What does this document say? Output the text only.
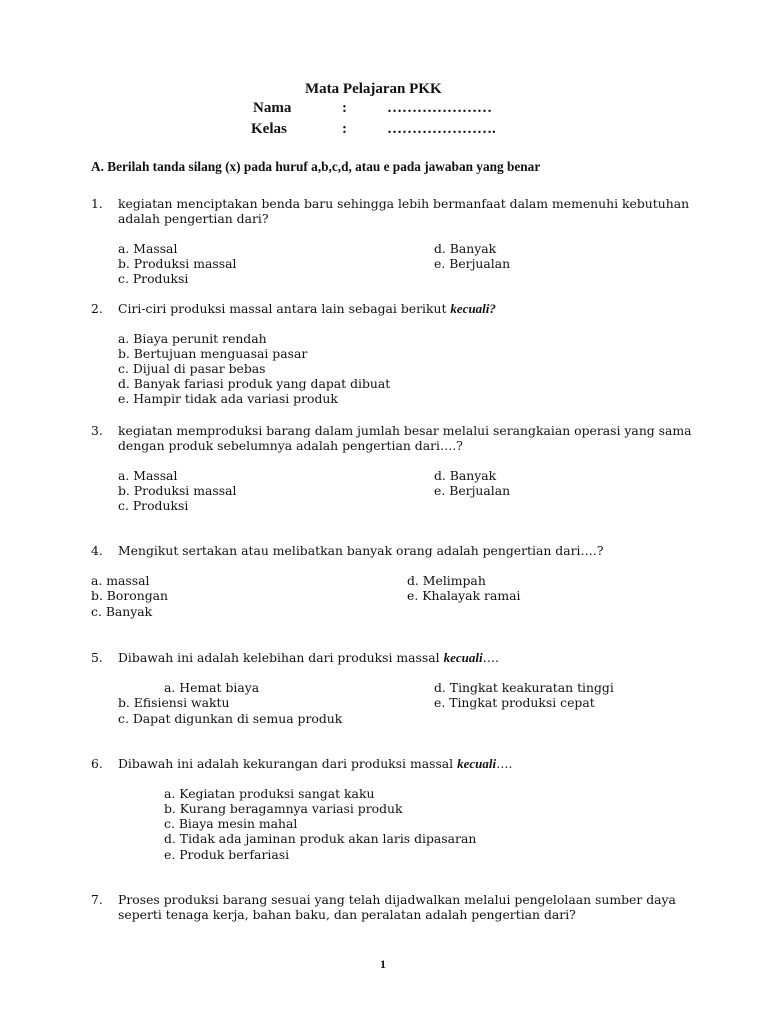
Mata Pelajaran PKK
Nama	:	…………………
Kelas	:	………………….
A. Berilah tanda silang (x) pada huruf a,b,c,d, atau e pada jawaban yang benar
1. kegiatan menciptakan benda baru sehingga lebih bermanfaat dalam memenuhi kebutuhan
adalah pengertian dari?
a. Massal
b. Produksi massal
c. Produksi
d. Banyak
e. Berjualan
2. Ciri-ciri produksi massal antara lain sebagai berikut kecuali?
a. Biaya perunit rendah
b. Bertujuan menguasai pasar
c. Dijual di pasar bebas
d. Banyak fariasi produk yang dapat dibuat
e. Hampir tidak ada variasi produk
3. kegiatan memproduksi barang dalam jumlah besar melalui serangkaian operasi yang sama
dengan produk sebelumnya adalah pengertian dari….?
a. Massal
b. Produksi massal
c. Produksi
d. Banyak
e. Berjualan
4. Mengikut sertakan atau melibatkan banyak orang adalah pengertian dari….?
a. massal
b. Borongan
c. Banyak
d. Melimpah
e. Khalayak ramai
5. Dibawah ini adalah kelebihan dari produksi massal kecuali….
a. Hemat biaya
b. Efisiensi waktu
c. Dapat digunkan di semua produk
d. Tingkat keakuratan tinggi
e. Tingkat produksi cepat
6. Dibawah ini adalah kekurangan dari produksi massal kecuali….
a. Kegiatan produksi sangat kaku
b. Kurang beragamnya variasi produk
c. Biaya mesin mahal
d. Tidak ada jaminan produk akan laris dipasaran
e. Produk berfariasi
7. Proses produksi barang sesuai yang telah dijadwalkan melalui pengelolaan sumber daya
seperti tenaga kerja, bahan baku, dan peralatan adalah pengertian dari?
1
